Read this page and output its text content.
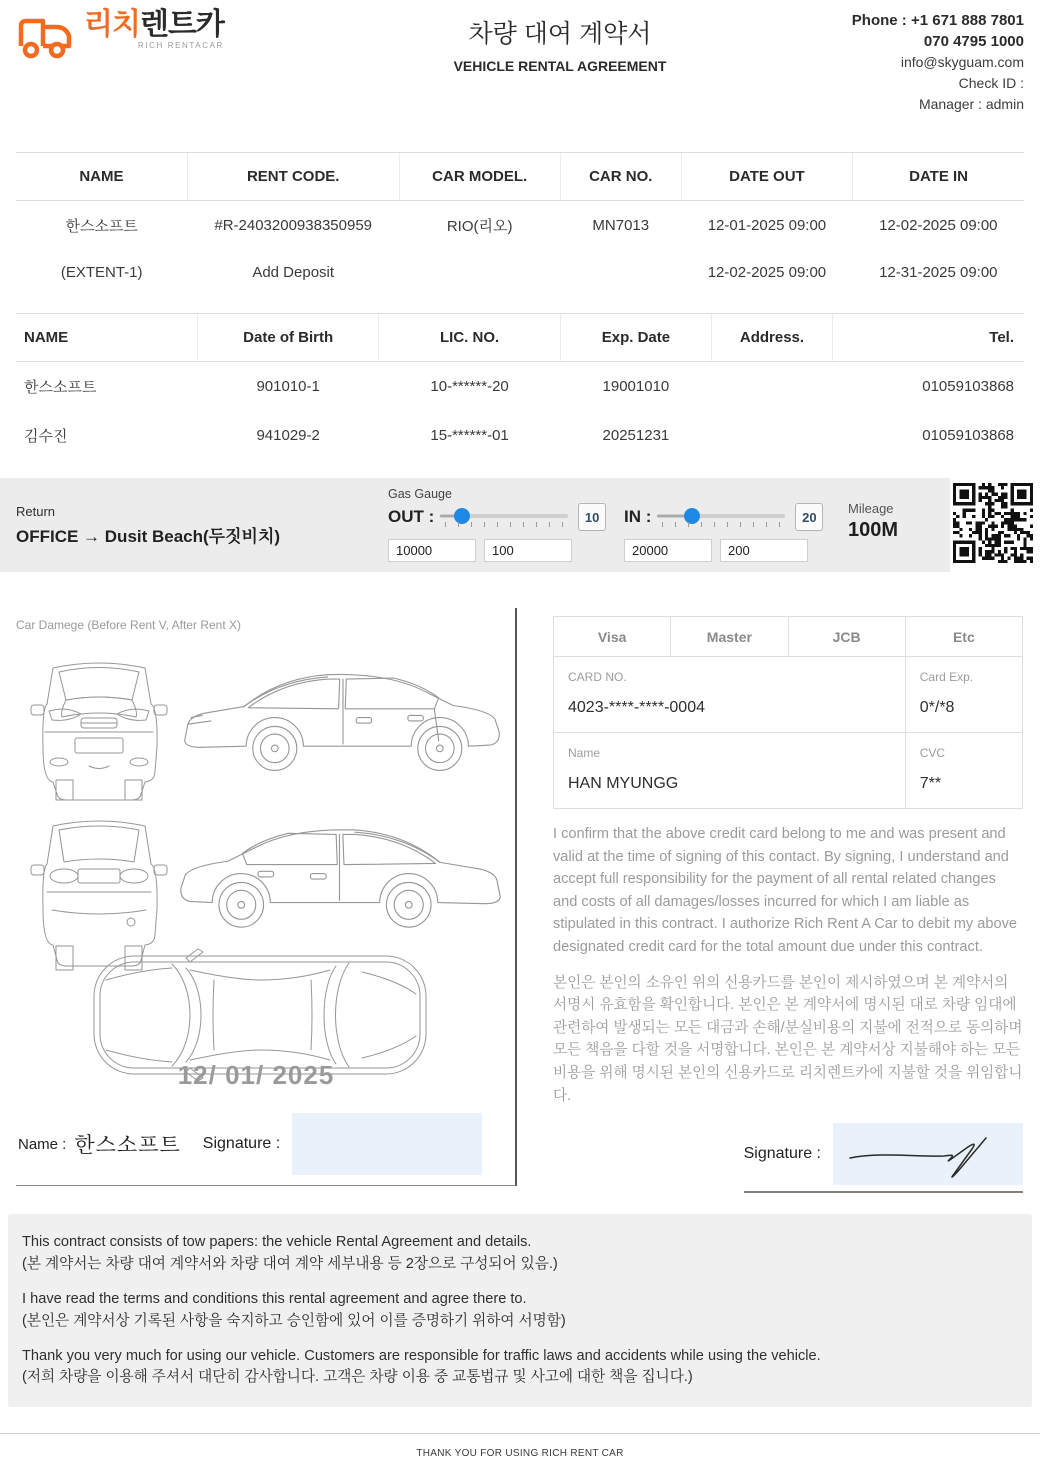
리치렌트카
RICH RENTACAR	차량 대여 계약서
VEHICLE RENTAL AGREEMENT
Phone : +1 671 888 7801
070 4795 1000
info@skyguam.com
Check ID :
Manager : admin
NAME	RENT CODE.	CAR MODEL.	CAR NO.	DATE OUT	DATE IN
한스소프트	#R-2403200938350959	RIO(리오)	MN7013	12-01-2025 09:00	12-02-2025 09:00
(EXTENT-1)	Add Deposit			12-02-2025 09:00	12-31-2025 09:00
NAME	Date of Birth	LIC. NO.	Exp. Date	Address.	Tel.
한스소프트	901010-1	10-******-20	19001010		01059103868
김수진	941029-2	15-******-01	20251231		01059103868
Return
OFFICE → Dusit Beach(두짓비치)
Gas Gauge
OUT :	10
10000
100	IN :	20
20000
200
Mileage
100M
Car Damege (Before Rent V, After Rent X)
12/ 01/ 2025
Name : 한스소프트 Signature :
Visa	Master	JCB	Etc

CARD NO.
4023-****-****-0004

Card Exp.
0*/*8

Name
HAN MYUNGG

CVC
7**
I confirm that the above credit card belong to me and was present and valid at the time of signing of this contact. By signing, I understand and accept full responsibility for the payment of all rental related changes and costs of all damages/losses incurred for which I am liable as stipulated in this contract. I authorize Rich Rent A Car to debit my above designated credit card for the total amount due under this contract.
본인은 본인의 소유인 위의 신용카드를 본인이 제시하였으며 본 계약서의 서명시 유효함을 확인합니다. 본인은 본 계약서에 명시된 대로 차량 임대에 관련하여 발생되는 모든 대금과 손해/분실비용의 지불에 전적으로 동의하며 모든 책음을 다할 것을 서명합니다. 본인은 본 계약서상 지불해야 하는 모든 비용을 위해 명시된 본인의 신용카드로 리치렌트카에 지불할 것을 위임합니다.
Signature :
This contract consists of tow papers: the vehicle Rental Agreement and details.
(본 계약서는 차량 대여 계약서와 차량 대여 계약 세부내용 등 2장으로 구성되어 있음.)
I have read the terms and conditions this rental agreement and agree there to.
(본인은 계약서상 기록된 사항을 숙지하고 승인함에 있어 이를 증명하기 위하여 서명함)
Thank you very much for using our vehicle. Customers are responsible for traffic laws and accidents while using the vehicle.
(저희 차량을 이용해 주셔서 대단히 감사합니다. 고객은 차량 이용 중 교통법규 및 사고에 대한 책을 집니다.)
THANK YOU FOR USING RICH RENT CAR
